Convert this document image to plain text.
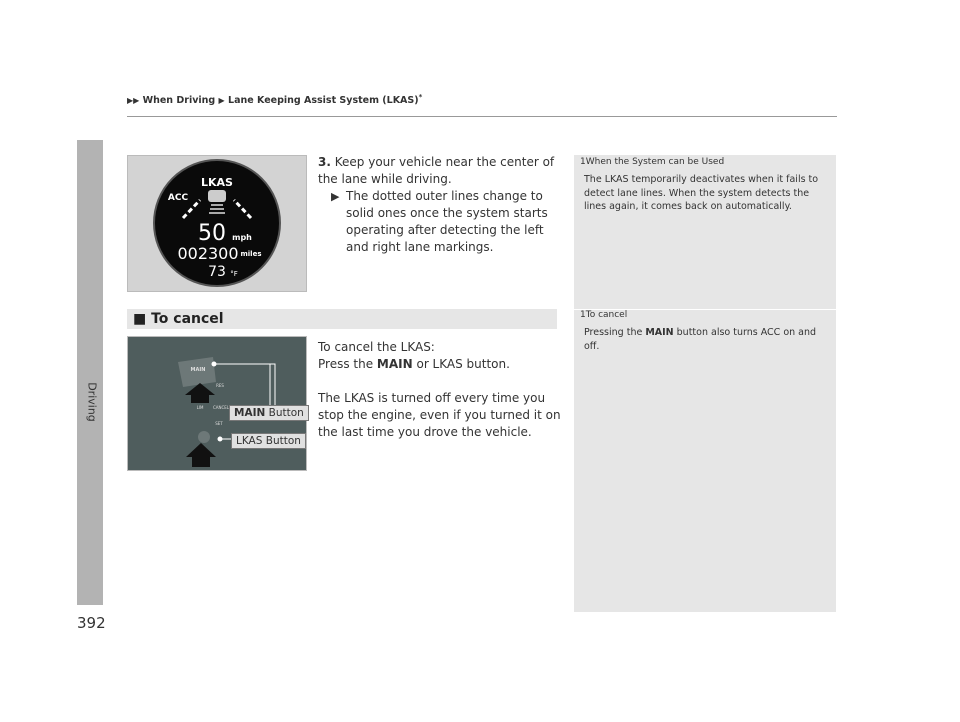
▶▶ When Driving ▶ Lane Keeping Assist System (LKAS)*
Driving
392
LKAS
ACC
50 mph
002300 miles
73 °F
3. Keep your vehicle near the center of the lane while driving.
▶ The dotted outer lines change to solid ones once the system starts operating after detecting the left and right lane markings.
■ To cancel
MAIN
RES
LIM CANCEL
SET
MAIN Button
LKAS Button

To cancel the LKAS:

Press the MAIN or LKAS button.

The LKAS is turned off every time you stop the engine, even if you turned it on the last time you drove the vehicle.

1When the System can be Used
The LKAS temporarily deactivates when it fails to detect lane lines. When the system detects the lines again, it comes back on automatically.
1To cancel
Pressing the MAIN button also turns ACC on and off.
